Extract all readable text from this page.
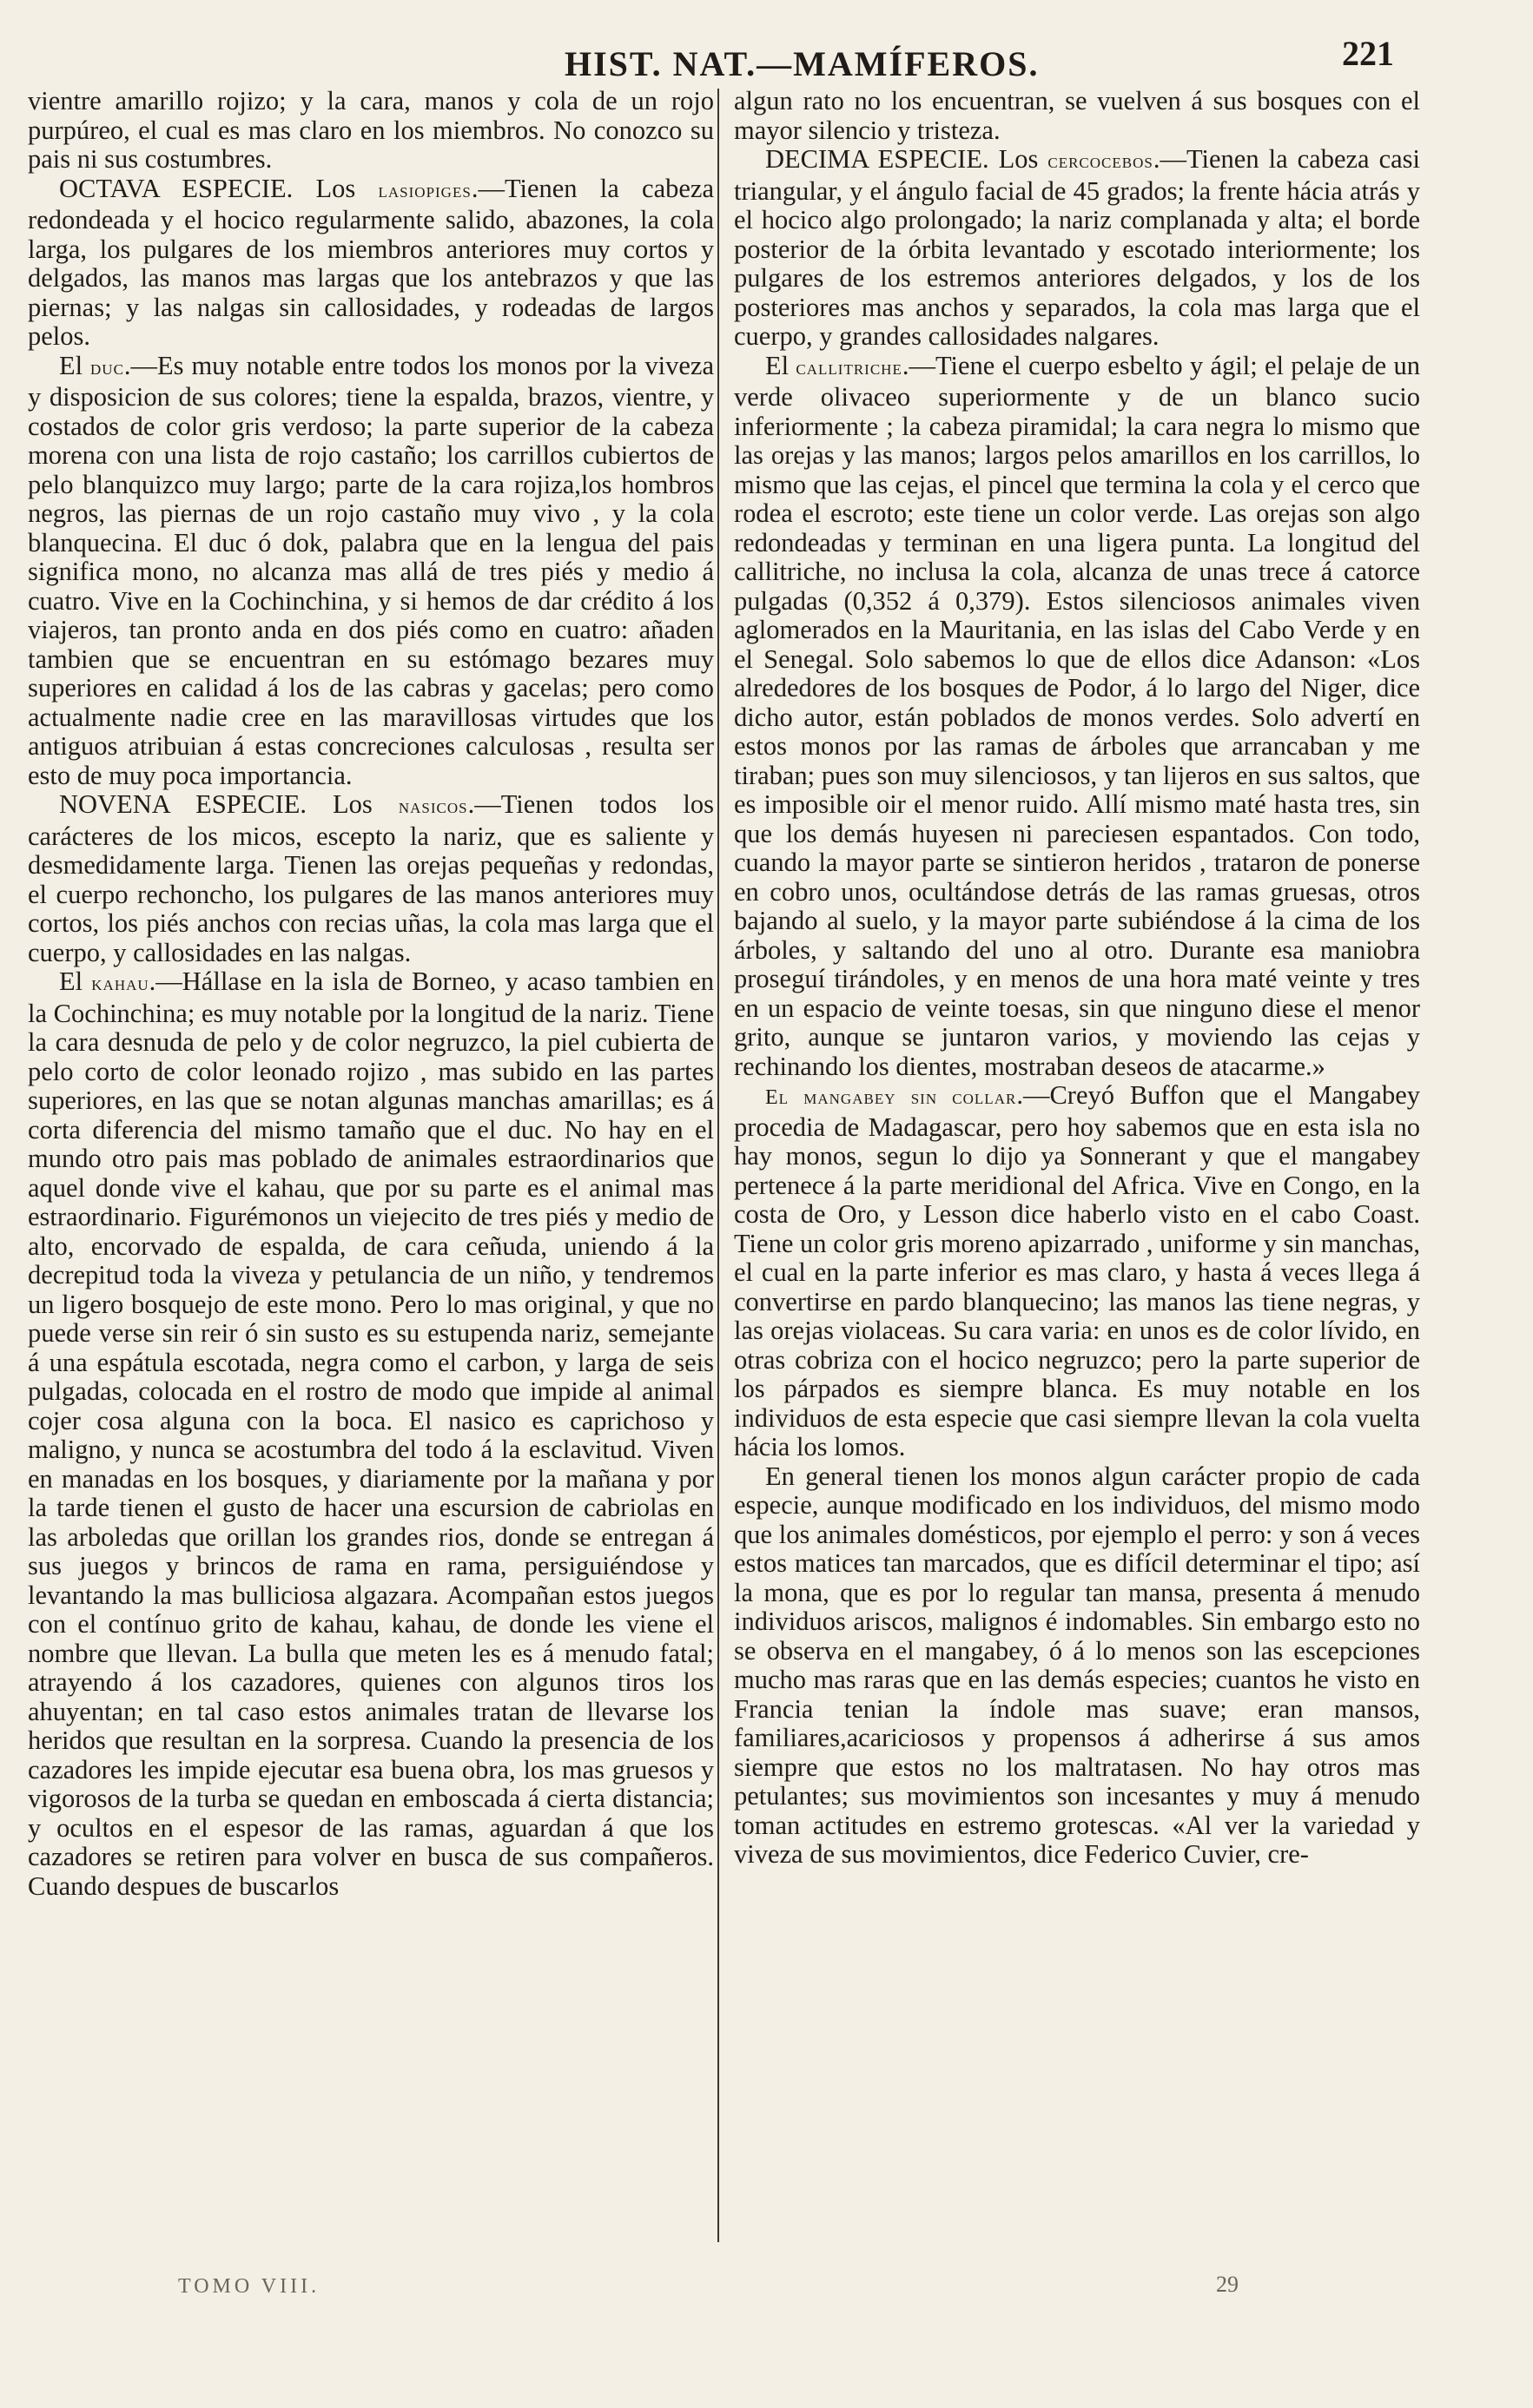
HIST. NAT.—MAMÍFEROS.	221

vientre amarillo rojizo; y la cara, manos y cola de un rojo purpúreo, el cual es mas claro en los miembros. No conozco su pais ni sus costumbres.

OCTAVA ESPECIE. Los lasiopiges.—Tienen la cabeza redondeada y el hocico regularmente salido, abazones, la cola larga, los pulgares de los miembros anteriores muy cortos y delgados, las manos mas largas que los antebrazos y que las piernas; y las nalgas sin callosidades, y rodeadas de largos pelos.

El duc.—Es muy notable entre todos los monos por la viveza y disposicion de sus colores; tiene la espalda, brazos, vientre, y costados de color gris verdoso; la parte superior de la cabeza morena con una lista de rojo castaño; los carrillos cubiertos de pelo blanquizco muy largo; parte de la cara rojiza,los hombros negros, las piernas de un rojo castaño muy vivo , y la cola blanquecina. El duc ó dok, palabra que en la lengua del pais significa mono, no alcanza mas allá de tres piés y medio á cuatro. Vive en la Cochinchina, y si hemos de dar crédito á los viajeros, tan pronto anda en dos piés como en cuatro: añaden tambien que se encuentran en su estómago bezares muy superiores en calidad á los de las cabras y gacelas; pero como actualmente nadie cree en las maravillosas virtudes que los antiguos atribuian á estas concreciones calculosas , resulta ser esto de muy poca importancia.

NOVENA ESPECIE. Los nasicos.—Tienen todos los carácteres de los micos, escepto la nariz, que es saliente y desmedidamente larga. Tienen las orejas pequeñas y redondas, el cuerpo rechoncho, los pulgares de las manos anteriores muy cortos, los piés anchos con recias uñas, la cola mas larga que el cuerpo, y callosidades en las nalgas.

El kahau.—Hállase en la isla de Borneo, y acaso tambien en la Cochinchina; es muy notable por la longitud de la nariz. Tiene la cara desnuda de pelo y de color negruzco, la piel cubierta de pelo corto de color leonado rojizo , mas subido en las partes superiores, en las que se notan algunas manchas amarillas; es á corta diferencia del mismo tamaño que el duc. No hay en el mundo otro pais mas poblado de animales estraordinarios que aquel donde vive el kahau, que por su parte es el animal mas estraordinario. Figurémonos un viejecito de tres piés y medio de alto, encorvado de espalda, de cara ceñuda, uniendo á la decrepitud toda la viveza y petulancia de un niño, y tendremos un ligero bosquejo de este mono. Pero lo mas original, y que no puede verse sin reir ó sin susto es su estupenda nariz, semejante á una espátula escotada, negra como el carbon, y larga de seis pulgadas, colocada en el rostro de modo que impide al animal cojer cosa alguna con la boca. El nasico es caprichoso y maligno, y nunca se acostumbra del todo á la esclavitud. Viven en manadas en los bosques, y diariamente por la mañana y por la tarde tienen el gusto de hacer una escursion de cabriolas en las arboledas que orillan los grandes rios, donde se entregan á sus juegos y brincos de rama en rama, persiguiéndose y levantando la mas bulliciosa algazara. Acompañan estos juegos con el contínuo grito de kahau, kahau, de donde les viene el nombre que llevan. La bulla que meten les es á menudo fatal; atrayendo á los cazadores, quienes con algunos tiros los ahuyentan; en tal caso estos animales tratan de llevarse los heridos que resultan en la sorpresa. Cuando la presencia de los cazadores les impide ejecutar esa buena obra, los mas gruesos y vigorosos de la turba se quedan en emboscada á cierta distancia; y ocultos en el espesor de las ramas, aguardan á que los cazadores se retiren para volver en busca de sus compañeros. Cuando despues de buscarlos

algun rato no los encuentran, se vuelven á sus bosques con el mayor silencio y tristeza.

DECIMA ESPECIE. Los cercocebos.—Tienen la cabeza casi triangular, y el ángulo facial de 45 grados; la frente hácia atrás y el hocico algo prolongado; la nariz complanada y alta; el borde posterior de la órbita levantado y escotado interiormente; los pulgares de los estremos anteriores delgados, y los de los posteriores mas anchos y separados, la cola mas larga que el cuerpo, y grandes callosidades nalgares.

El callitriche.—Tiene el cuerpo esbelto y ágil; el pelaje de un verde olivaceo superiormente y de un blanco sucio inferiormente ; la cabeza piramidal; la cara negra lo mismo que las orejas y las manos; largos pelos amarillos en los carrillos, lo mismo que las cejas, el pincel que termina la cola y el cerco que rodea el escroto; este tiene un color verde. Las orejas son algo redondeadas y terminan en una ligera punta. La longitud del callitriche, no inclusa la cola, alcanza de unas trece á catorce pulgadas (0,352 á 0,379). Estos silenciosos animales viven aglomerados en la Mauritania, en las islas del Cabo Verde y en el Senegal. Solo sabemos lo que de ellos dice Adanson: «Los alrededores de los bosques de Podor, á lo largo del Niger, dice dicho autor, están poblados de monos verdes. Solo advertí en estos monos por las ramas de árboles que arrancaban y me tiraban; pues son muy silenciosos, y tan lijeros en sus saltos, que es imposible oir el menor ruido. Allí mismo maté hasta tres, sin que los demás huyesen ni pareciesen espantados. Con todo, cuando la mayor parte se sintieron heridos , trataron de ponerse en cobro unos, ocultándose detrás de las ramas gruesas, otros bajando al suelo, y la mayor parte subiéndose á la cima de los árboles, y saltando del uno al otro. Durante esa maniobra proseguí tirándoles, y en menos de una hora maté veinte y tres en un espacio de veinte toesas, sin que ninguno diese el menor grito, aunque se juntaron varios, y moviendo las cejas y rechinando los dientes, mostraban deseos de atacarme.»

El mangabey sin collar.—Creyó Buffon que el Mangabey procedia de Madagascar, pero hoy sabemos que en esta isla no hay monos, segun lo dijo ya Sonnerant y que el mangabey pertenece á la parte meridional del Africa. Vive en Congo, en la costa de Oro, y Lesson dice haberlo visto en el cabo Coast. Tiene un color gris moreno apizarrado , uniforme y sin manchas, el cual en la parte inferior es mas claro, y hasta á veces llega á convertirse en pardo blanquecino; las manos las tiene negras, y las orejas violaceas. Su cara varia: en unos es de color lívido, en otras cobriza con el hocico negruzco; pero la parte superior de los párpados es siempre blanca. Es muy notable en los individuos de esta especie que casi siempre llevan la cola vuelta hácia los lomos.

En general tienen los monos algun carácter propio de cada especie, aunque modificado en los individuos, del mismo modo que los animales domésticos, por ejemplo el perro: y son á veces estos matices tan marcados, que es difícil determinar el tipo; así la mona, que es por lo regular tan mansa, presenta á menudo individuos ariscos, malignos é indomables. Sin embargo esto no se observa en el mangabey, ó á lo menos son las escepciones mucho mas raras que en las demás especies; cuantos he visto en Francia tenian la índole mas suave; eran mansos, familiares,acariciosos y propensos á adherirse á sus amos siempre que estos no los maltratasen. No hay otros mas petulantes; sus movimientos son incesantes y muy á menudo toman actitudes en estremo grotescas. «Al ver la variedad y viveza de sus movimientos, dice Federico Cuvier, cre-

TOMO VIII.	29
